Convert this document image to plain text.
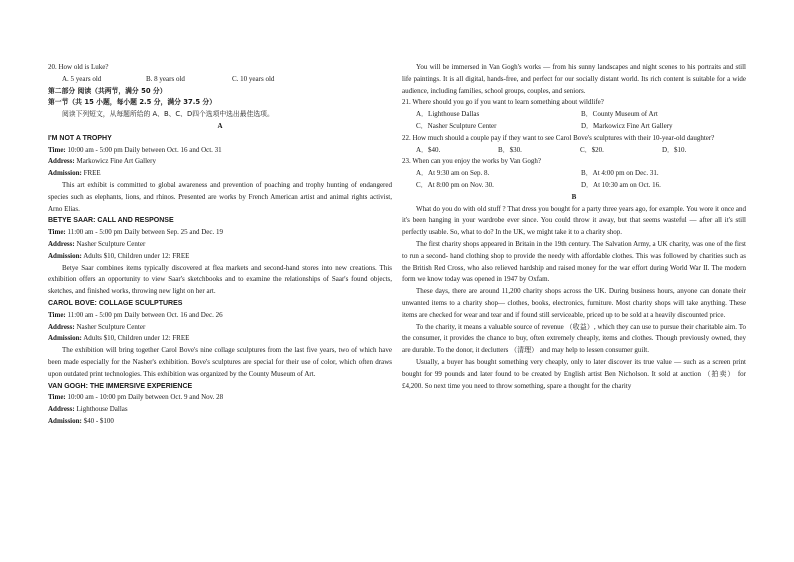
20. How old is Luke?
A. 5 years old	B. 8 years old	C. 10 years old
第二部分 阅读（共两节，满分 50 分）
第一节（共 15 小题，每小题 2.5 分，满分 37.5 分）
阅读下列短文，从每题所给的 A、B、C、D四个选项中选出最佳选项。
A
I'M NOT A TROPHY
Time: 10:00 am - 5:00 pm Daily between Oct. 16 and Oct. 31
Address: Markowicz Fine Art Gallery
Admission: FREE

This art exhibit is committed to global awareness and prevention of poaching and trophy hunting of endangered species such as elephants, lions, and rhinos. Presented are works by French American artist and animal rights activist, Arno Elias.

BETYE SAAR: CALL AND RESPONSE
Time: 11:00 am - 5:00 pm Daily between Sep. 25 and Dec. 19
Address: Nasher Sculpture Center
Admission: Adults $10, Children under 12: FREE

Betye Saar combines items typically discovered at flea markets and second-hand stores into new creations. This exhibition offers an opportunity to view Saar's sketchbooks and to examine the relationships of Saar's found objects, sketches, and finished works, throwing new light on her art.

CAROL BOVE: COLLAGE SCULPTURES
Time: 11:00 am - 5:00 pm Daily between Oct. 16 and Dec. 26
Address: Nasher Sculpture Center
Admission: Adults $10, Children under 12: FREE

The exhibition will bring together Carol Bove's nine collage sculptures from the last five years, two of which have been made especially for the Nasher's exhibition. Bove's sculptures are special for their use of color, which often draws upon outdated print technologies. This exhibition was organized by the County Museum of Art.

VAN GOGH: THE IMMERSIVE EXPERIENCE
Time: 10:00 am - 10:00 pm Daily between Oct. 9 and Nov. 28
Address: Lighthouse Dallas
Admission: $40 - $100

You will be immersed in Van Gogh's works — from his sunny landscapes and night scenes to his portraits and still life paintings. It is all digital, hands-free, and perfect for our socially distant world. Its rich content is suitable for a wide audience, including families, school groups, couples, and seniors.

21. Where should you go if you want to learn something about wildlife?
A．Lighthouse Dallas	B．County Museum of Art
C．Nasher Sculpture Center	D．Markowicz Fine Art Gallery

22. How much should a couple pay if they want to see Carol Bove's sculptures with their 10-year-old daughter?

A．$40.	B．$30.	C．$20.	D．$10.
23. When can you enjoy the works by Van Gogh?
A．At 9:30 am on Sep. 8.	B．At 4:00 pm on Dec. 31.
C．At 8:00 pm on Nov. 30.	D．At 10:30 am on Oct. 16.
B

What do you do with old stuff ? That dress you bought for a party three years ago, for example. You wore it once and it's been hanging in your wardrobe ever since. You could throw it away, but that seems wasteful — after all it's still perfectly usable. So, what to do? In the UK, we might take it to a charity shop.

The first charity shops appeared in Britain in the 19th century. The Salvation Army, a UK charity, was one of the first to run a second- hand clothing shop to provide the needy with affordable clothes. This was followed by charities such as the British Red Cross, who also relieved hardship and raised money for the war effort during World War II. The modern form we know today was opened in 1947 by Oxfam.

These days, there are around 11,200 charity shops across the UK. During business hours, anyone can donate their unwanted items to a charity shop— clothes, books, electronics, furniture. Most charity shops will take anything. These items are checked for wear and tear and if found still serviceable, priced up to be sold at a heavily discounted price.

To the charity, it means a valuable source of revenue （收益）, which they can use to pursue their charitable aim. To the consumer, it provides the chance to buy, often extremely cheaply, items and clothes. Though previously owned, they are durable. To the donor, it declutters （清理） and may help to lessen consumer guilt.

Usually, a buyer has bought something very cheaply, only to later discover its true value — such as a screen print bought for 99 pounds and later found to be created by English artist Ben Nicholson. It sold at auction （拍卖） for £4,200. So next time you need to throw something, spare a thought for the charity
